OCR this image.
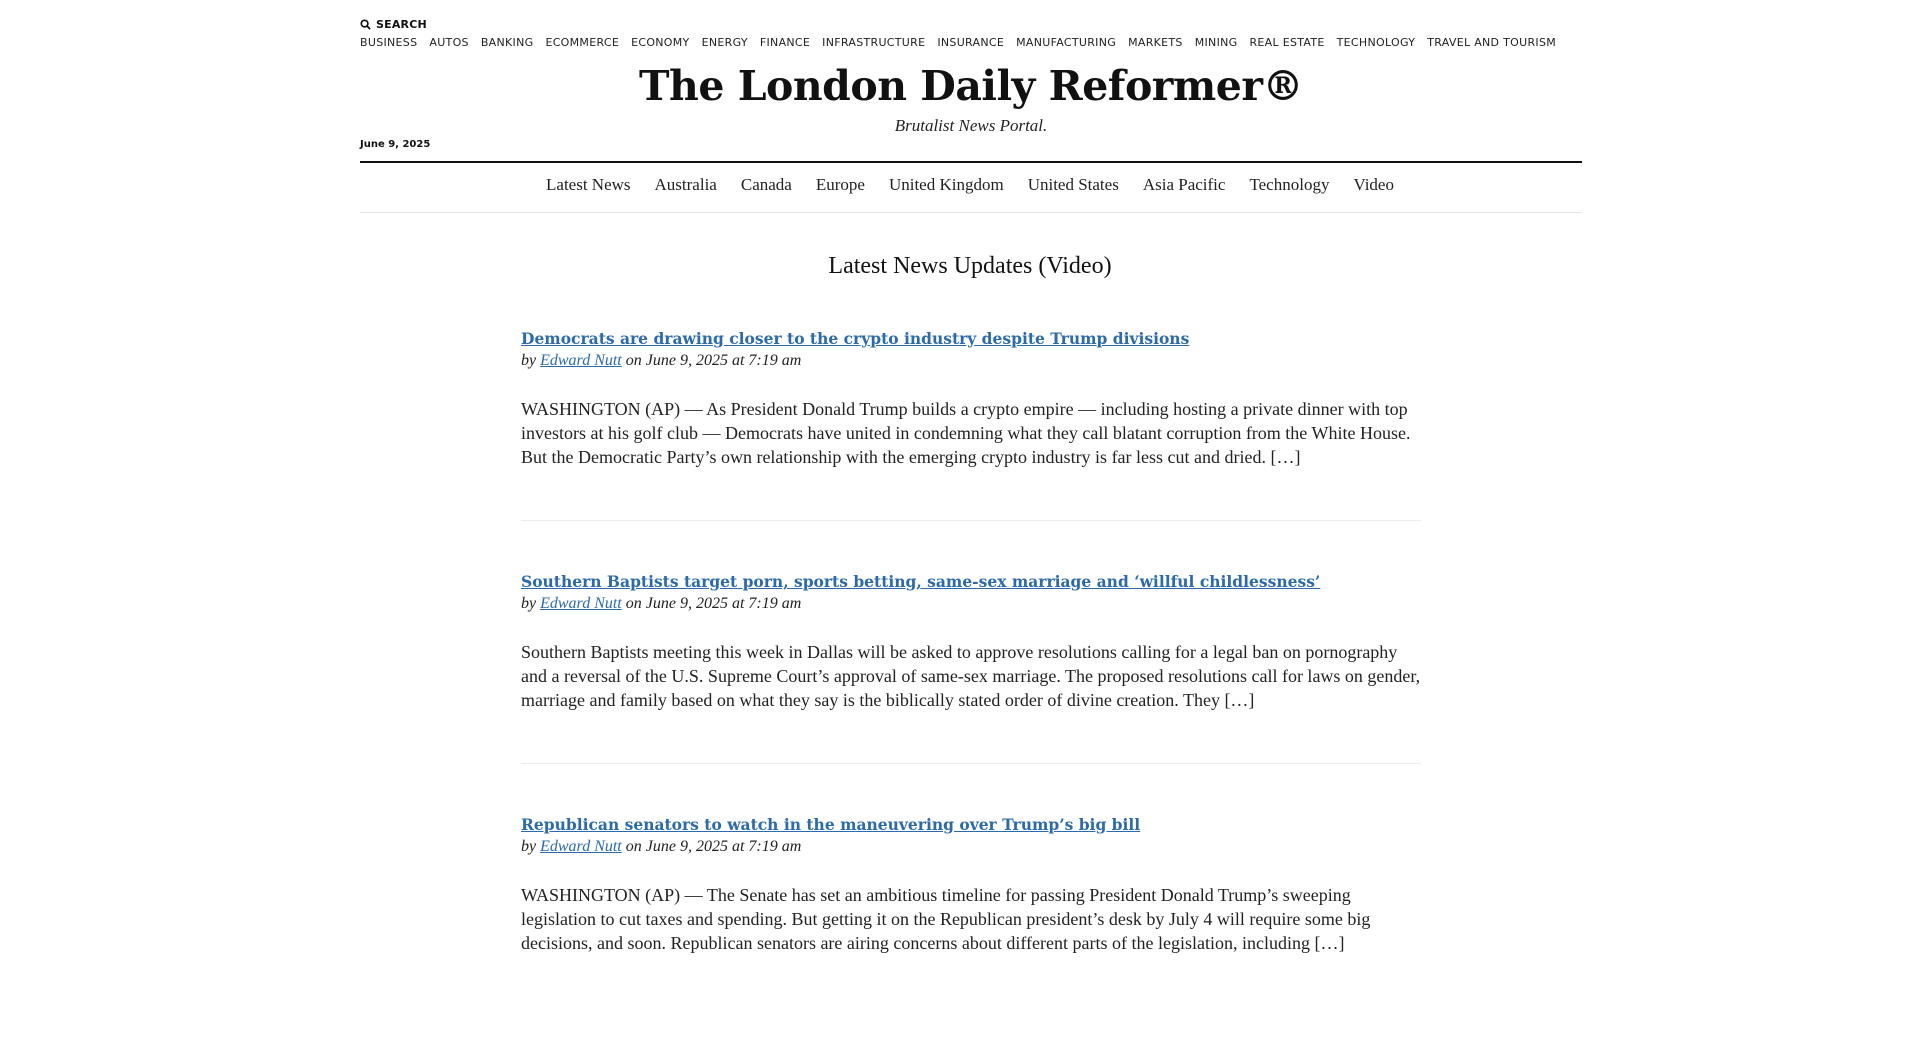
SEARCH
BUSINESS AUTOS BANKING ECOMMERCE ECONOMY ENERGY FINANCE INFRASTRUCTURE INSURANCE MANUFACTURING MARKETS MINING REAL ESTATE TECHNOLOGY TRAVEL AND TOURISM
The London Daily Reformer®
Brutalist News Portal.
June 9, 2025
Latest News Australia Canada Europe United Kingdom United States Asia Pacific Technology Video
Latest News Updates (Video)
Democrats are drawing closer to the crypto industry despite Trump divisions
by Edward Nutt on June 9, 2025 at 7:19 am

WASHINGTON (AP) — As President Donald Trump builds a crypto empire — including hosting a private dinner with top investors at his golf club — Democrats have united in condemning what they call blatant corruption from the White House. But the Democratic Party’s own relationship with the emerging crypto industry is far less cut and dried. […]

Southern Baptists target porn, sports betting, same-sex marriage and ‘willful childlessness’
by Edward Nutt on June 9, 2025 at 7:19 am

Southern Baptists meeting this week in Dallas will be asked to approve resolutions calling for a legal ban on pornography and a reversal of the U.S. Supreme Court’s approval of same-sex marriage. The proposed resolutions call for laws on gender, marriage and family based on what they say is the biblically stated order of divine creation. They […]

Republican senators to watch in the maneuvering over Trump’s big bill
by Edward Nutt on June 9, 2025 at 7:19 am

WASHINGTON (AP) — The Senate has set an ambitious timeline for passing President Donald Trump’s sweeping legislation to cut taxes and spending. But getting it on the Republican president’s desk by July 4 will require some big decisions, and soon. Republican senators are airing concerns about different parts of the legislation, including […]
